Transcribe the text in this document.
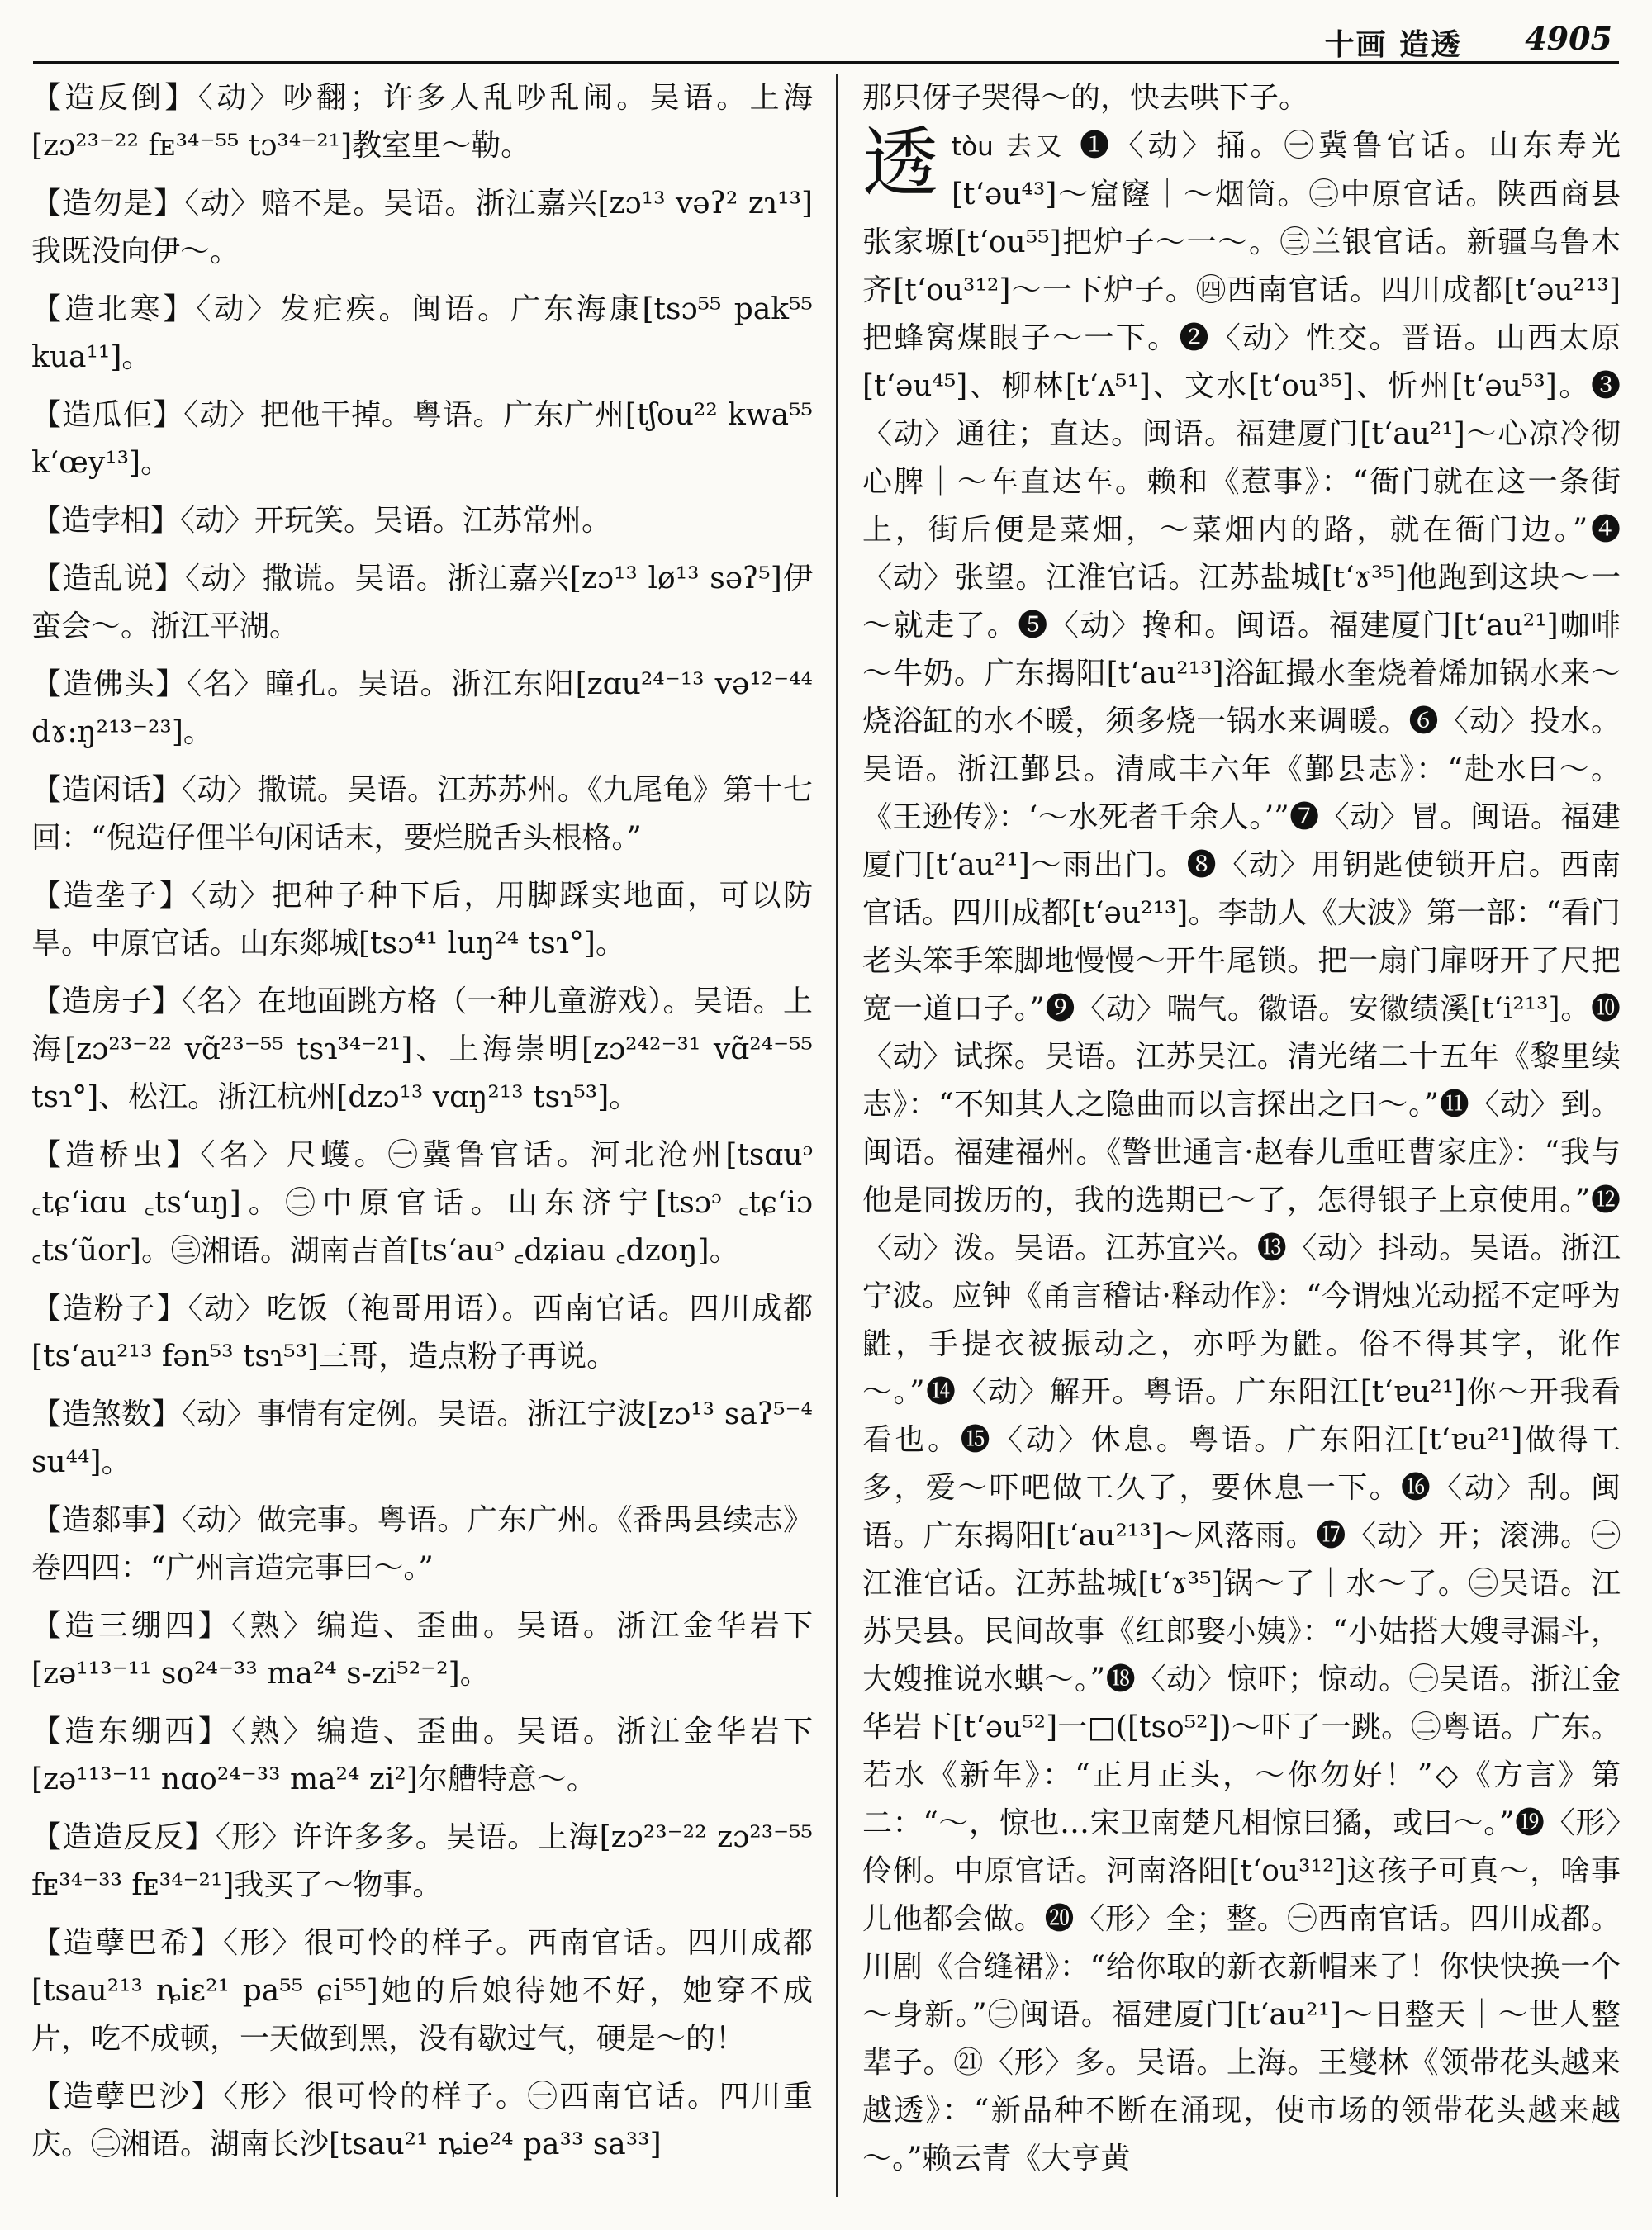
十画 造透 4905

【造反倒】〈动〉吵翻；许多人乱吵乱闹。吴语。上海[zɔ²³⁻²² fᴇ³⁴⁻⁵⁵ tɔ³⁴⁻²¹]教室里～勒。

【造勿是】〈动〉赔不是。吴语。浙江嘉兴[zɔ¹³ vəʔ² zɿ¹³]我既没向伊～。

【造北寒】〈动〉发疟疾。闽语。广东海康[tsɔ⁵⁵ pak⁵⁵ kua¹¹]。

【造瓜佢】〈动〉把他干掉。粤语。广东广州[tʃou²² kwa⁵⁵ kʻœy¹³]。

【造孛相】〈动〉开玩笑。吴语。江苏常州。

【造乱说】〈动〉撒谎。吴语。浙江嘉兴[zɔ¹³ lø¹³ səʔ⁵]伊蛮会～。浙江平湖。

【造佛头】〈名〉瞳孔。吴语。浙江东阳[zɑu²⁴⁻¹³ və¹²⁻⁴⁴ dɤ:ŋ²¹³⁻²³]。

【造闲话】〈动〉撒谎。吴语。江苏苏州。《九尾龟》第十七回：“倪造仔俚半句闲话末，要烂脱舌头根格。”

【造垄子】〈动〉把种子种下后，用脚踩实地面，可以防旱。中原官话。山东郯城[tsɔ⁴¹ luŋ²⁴ tsɿ°]。

【造房子】〈名〉在地面跳方格（一种儿童游戏）。吴语。上海[zɔ²³⁻²² vɑ̃²³⁻⁵⁵ tsɿ³⁴⁻²¹]、上海崇明[zɔ²⁴²⁻³¹ vɑ̃²⁴⁻⁵⁵ tsɿ°]、松江。浙江杭州[dzɔ¹³ vɑŋ²¹³ tsɿ⁵³]。

【造桥虫】〈名〉尺蠖。㊀冀鲁官话。河北沧州[tsɑuᵓ ꜀tɕʻiɑu ꜀tsʻuŋ]。㊁中原官话。山东济宁[tsɔᵓ ꜀tɕʻiɔ ꜀tsʻũor]。㊂湘语。湖南吉首[tsʻauᵓ ꜀dʑiau ꜀dzoŋ]。

【造粉子】〈动〉吃饭（袍哥用语）。西南官话。四川成都[tsʻau²¹³ fən⁵³ tsɿ⁵³]三哥，造点粉子再说。

【造煞数】〈动〉事情有定例。吴语。浙江宁波[zɔ¹³ saʔ⁵⁻⁴ su⁴⁴]。

【造䣛事】〈动〉做完事。粤语。广东广州。《番禺县续志》卷四四：“广州言造完事曰～。”

【造三绷四】〈熟〉编造、歪曲。吴语。浙江金华岩下[zə¹¹³⁻¹¹ so²⁴⁻³³ ma²⁴ s-zi⁵²⁻²]。

【造东绷西】〈熟〉编造、歪曲。吴语。浙江金华岩下[zə¹¹³⁻¹¹ nɑo²⁴⁻³³ ma²⁴ zi²]尔艚特意～。

【造造反反】〈形〉许许多多。吴语。上海[zɔ²³⁻²² zɔ²³⁻⁵⁵ fᴇ³⁴⁻³³ fᴇ³⁴⁻²¹]我买了～物事。

【造孽巴希】〈形〉很可怜的样子。西南官话。四川成都[tsau²¹³ ȵiɛ²¹ pa⁵⁵ ɕi⁵⁵]她的后娘待她不好，她穿不成片，吃不成顿，一天做到黑，没有歇过气，硬是～的！

【造孽巴沙】〈形〉很可怜的样子。㊀西南官话。四川重庆。㊁湘语。湖南长沙[tsau²¹ ȵie²⁴ pa³³ sa³³]

那只伢子哭得～的，快去哄下子。

透 tòu 去又 ❶〈动〉捅。㊀冀鲁官话。山东寿光[tʻəu⁴³]～窟窿｜～烟筒。㊁中原官话。陕西商县张家塬[tʻou⁵⁵]把炉子～一～。㊂兰银官话。新疆乌鲁木齐[tʻou³¹²]～一下炉子。㊃西南官话。四川成都[tʻəu²¹³]把蜂窝煤眼子～一下。❷〈动〉性交。晋语。山西太原[tʻəu⁴⁵]、柳林[tʻʌ⁵¹]、文水[tʻou³⁵]、忻州[tʻəu⁵³]。❸〈动〉通往；直达。闽语。福建厦门[tʻau²¹]～心凉冷彻心脾｜～车直达车。赖和《惹事》：“衙门就在这一条街上，街后便是菜畑，～菜畑内的路，就在衙门边。”❹〈动〉张望。江淮官话。江苏盐城[tʻɤ³⁵]他跑到这块～一～就走了。❺〈动〉搀和。闽语。福建厦门[tʻau²¹]咖啡～牛奶。广东揭阳[tʻau²¹³]浴缸撮水奎烧着烯加锅水来～烧浴缸的水不暖，须多烧一锅水来调暖。❻〈动〉投水。吴语。浙江鄞县。清咸丰六年《鄞县志》：“赴水曰～。《王逊传》：‘～水死者千余人。’”❼〈动〉冒。闽语。福建厦门[tʻau²¹]～雨出门。❽〈动〉用钥匙使锁开启。西南官话。四川成都[tʻəu²¹³]。李劼人《大波》第一部：“看门老头笨手笨脚地慢慢～开牛尾锁。把一扇门扉呀开了尺把宽一道口子。”❾〈动〉喘气。徽语。安徽绩溪[tʻi²¹³]。❿〈动〉试探。吴语。江苏吴江。清光绪二十五年《黎里续志》：“不知其人之隐曲而以言探出之曰～。”⓫〈动〉到。闽语。福建福州。《警世通言·赵春儿重旺曹家庄》：“我与他是同拨历的，我的选期已～了，怎得银子上京使用。”⓬〈动〉泼。吴语。江苏宜兴。⓭〈动〉抖动。吴语。浙江宁波。应钟《甬言稽诂·释动作》：“今谓烛光动摇不定呼为鼪，手提衣被振动之，亦呼为鼪。俗不得其字，讹作～。”⓮〈动〉解开。粤语。广东阳江[tʻɐu²¹]你～开我看看也。⓯〈动〉休息。粤语。广东阳江[tʻɐu²¹]做得工多，爱～吓吧做工久了，要休息一下。⓰〈动〉刮。闽语。广东揭阳[tʻau²¹³]～风落雨。⓱〈动〉开；滚沸。㊀江淮官话。江苏盐城[tʻɤ³⁵]锅～了｜水～了。㊁吴语。江苏吴县。民间故事《红郎娶小姨》：“小姑搭大嫂寻漏斗，大嫂推说水蜞～。”⓲〈动〉惊吓；惊动。㊀吴语。浙江金华岩下[tʻəu⁵²]一□([tso⁵²])～吓了一跳。㊁粤语。广东。若水《新年》：“正月正头，～你勿好！”◇《方言》第二：“～，惊也…宋卫南楚凡相惊曰獝，或曰～。”⓳〈形〉伶俐。中原官话。河南洛阳[tʻou³¹²]这孩子可真～，啥事儿他都会做。⓴〈形〉全；整。㊀西南官话。四川成都。川剧《合缝裙》：“给你取的新衣新帽来了！你快快换一个～身新。”㊁闽语。福建厦门[tʻau²¹]～日整天｜～世人整辈子。㉑〈形〉多。吴语。上海。王燮林《领带花头越来越透》：“新品种不断在涌现，使市场的领带花头越来越～。”赖云青《大亨黄
